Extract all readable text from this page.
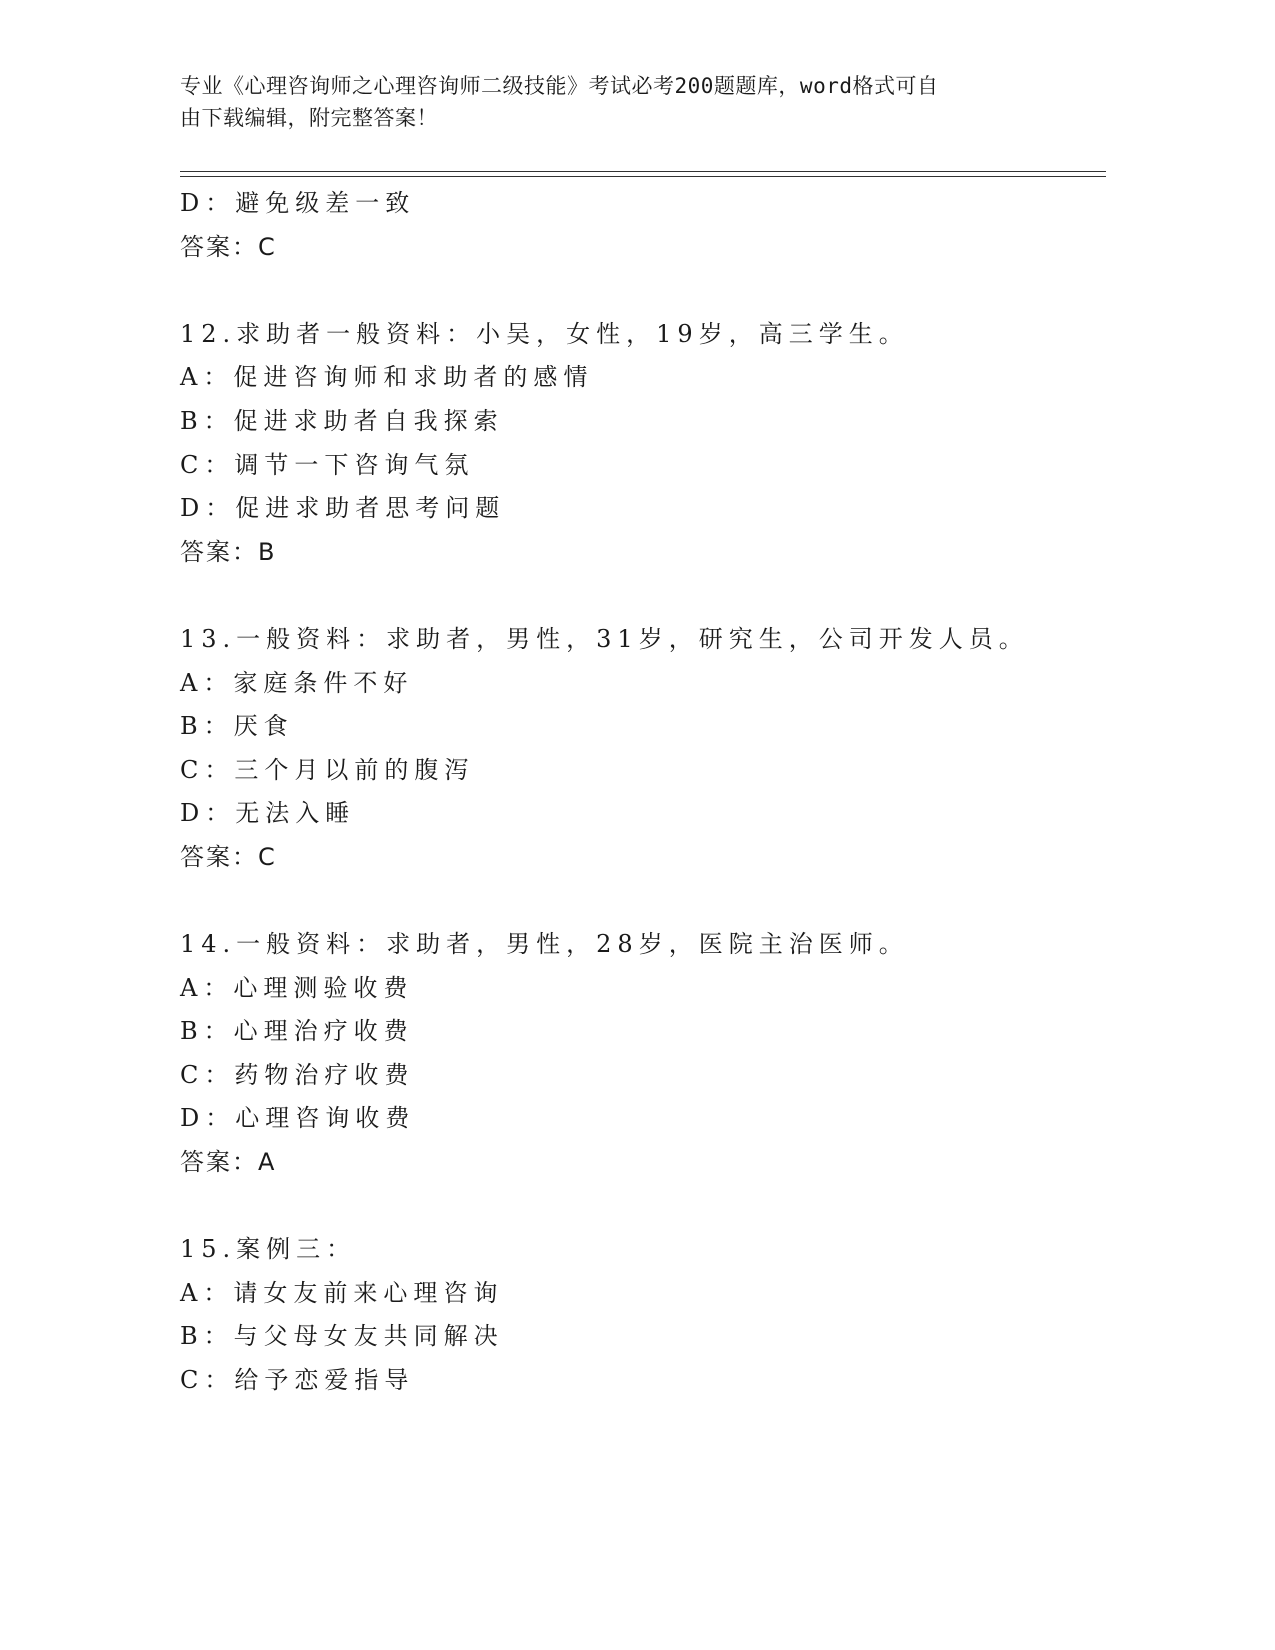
专业《心理咨询师之心理咨询师二级技能》考试必考200题题库，word格式可自
由下载编辑，附完整答案！
D：避免级差一致
答案：C
12.求助者一般资料：小吴，女性，19岁，高三学生。
A：促进咨询师和求助者的感情
B：促进求助者自我探索
C：调节一下咨询气氛
D：促进求助者思考问题
答案：B
13.一般资料：求助者，男性，31岁，研究生，公司开发人员。
A：家庭条件不好
B：厌食
C：三个月以前的腹泻
D：无法入睡
答案：C
14.一般资料：求助者，男性，28岁，医院主治医师。
A：心理测验收费
B：心理治疗收费
C：药物治疗收费
D：心理咨询收费
答案：A
15.案例三：
A：请女友前来心理咨询
B：与父母女友共同解决
C：给予恋爱指导
